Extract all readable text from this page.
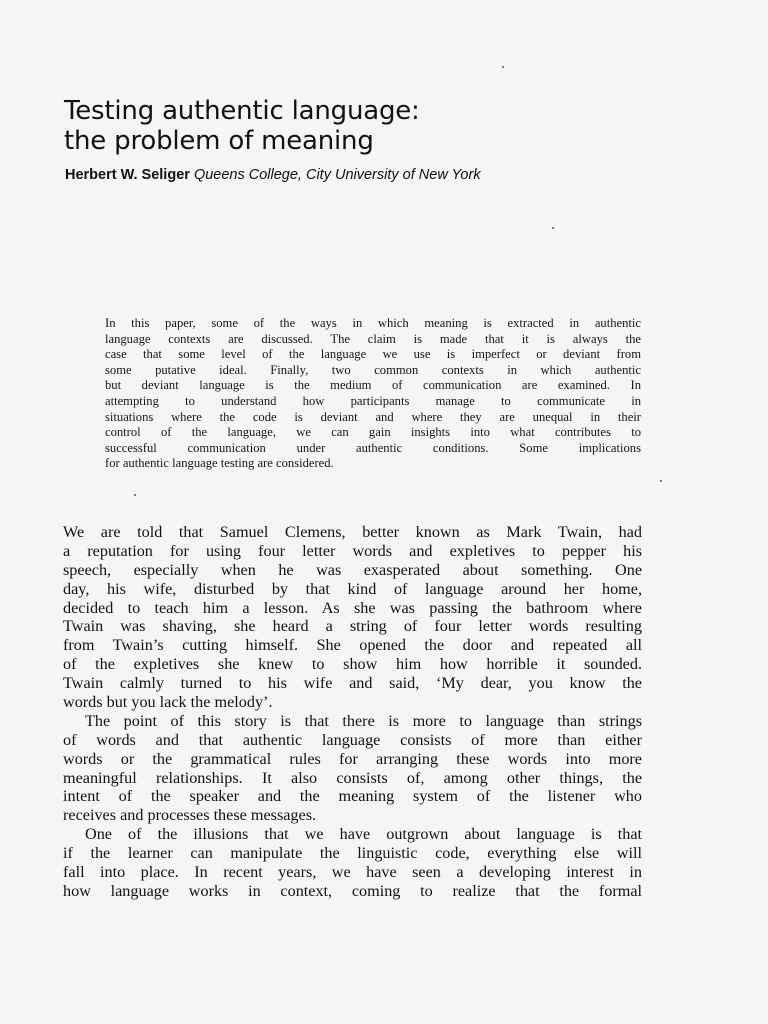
Testing authentic language:
the problem of meaning
Herbert W. Seliger Queens College, City University of New York
In this paper, some of the ways in which meaning is extracted in authentic
language contexts are discussed. The claim is made that it is always the
case that some level of the language we use is imperfect or deviant from
some putative ideal. Finally, two common contexts in which authentic
but deviant language is the medium of communication are examined. In
attempting to understand how participants manage to communicate in
situations where the code is deviant and where they are unequal in their
control of the language, we can gain insights into what contributes to
successful communication under authentic conditions. Some implications
for authentic language testing are considered.
We are told that Samuel Clemens, better known as Mark Twain, had
a reputation for using four letter words and expletives to pepper his
speech, especially when he was exasperated about something. One
day, his wife, disturbed by that kind of language around her home,
decided to teach him a lesson. As she was passing the bathroom where
Twain was shaving, she heard a string of four letter words resulting
from Twain’s cutting himself. She opened the door and repeated all
of the expletives she knew to show him how horrible it sounded.
Twain calmly turned to his wife and said, ‘My dear, you know the
words but you lack the melody’.
The point of this story is that there is more to language than strings
of words and that authentic language consists of more than either
words or the grammatical rules for arranging these words into more
meaningful relationships. It also consists of, among other things, the
intent of the speaker and the meaning system of the listener who
receives and processes these messages.
One of the illusions that we have outgrown about language is that
if the learner can manipulate the linguistic code, everything else will
fall into place. In recent years, we have seen a developing interest in
how language works in context, coming to realize that the formal
